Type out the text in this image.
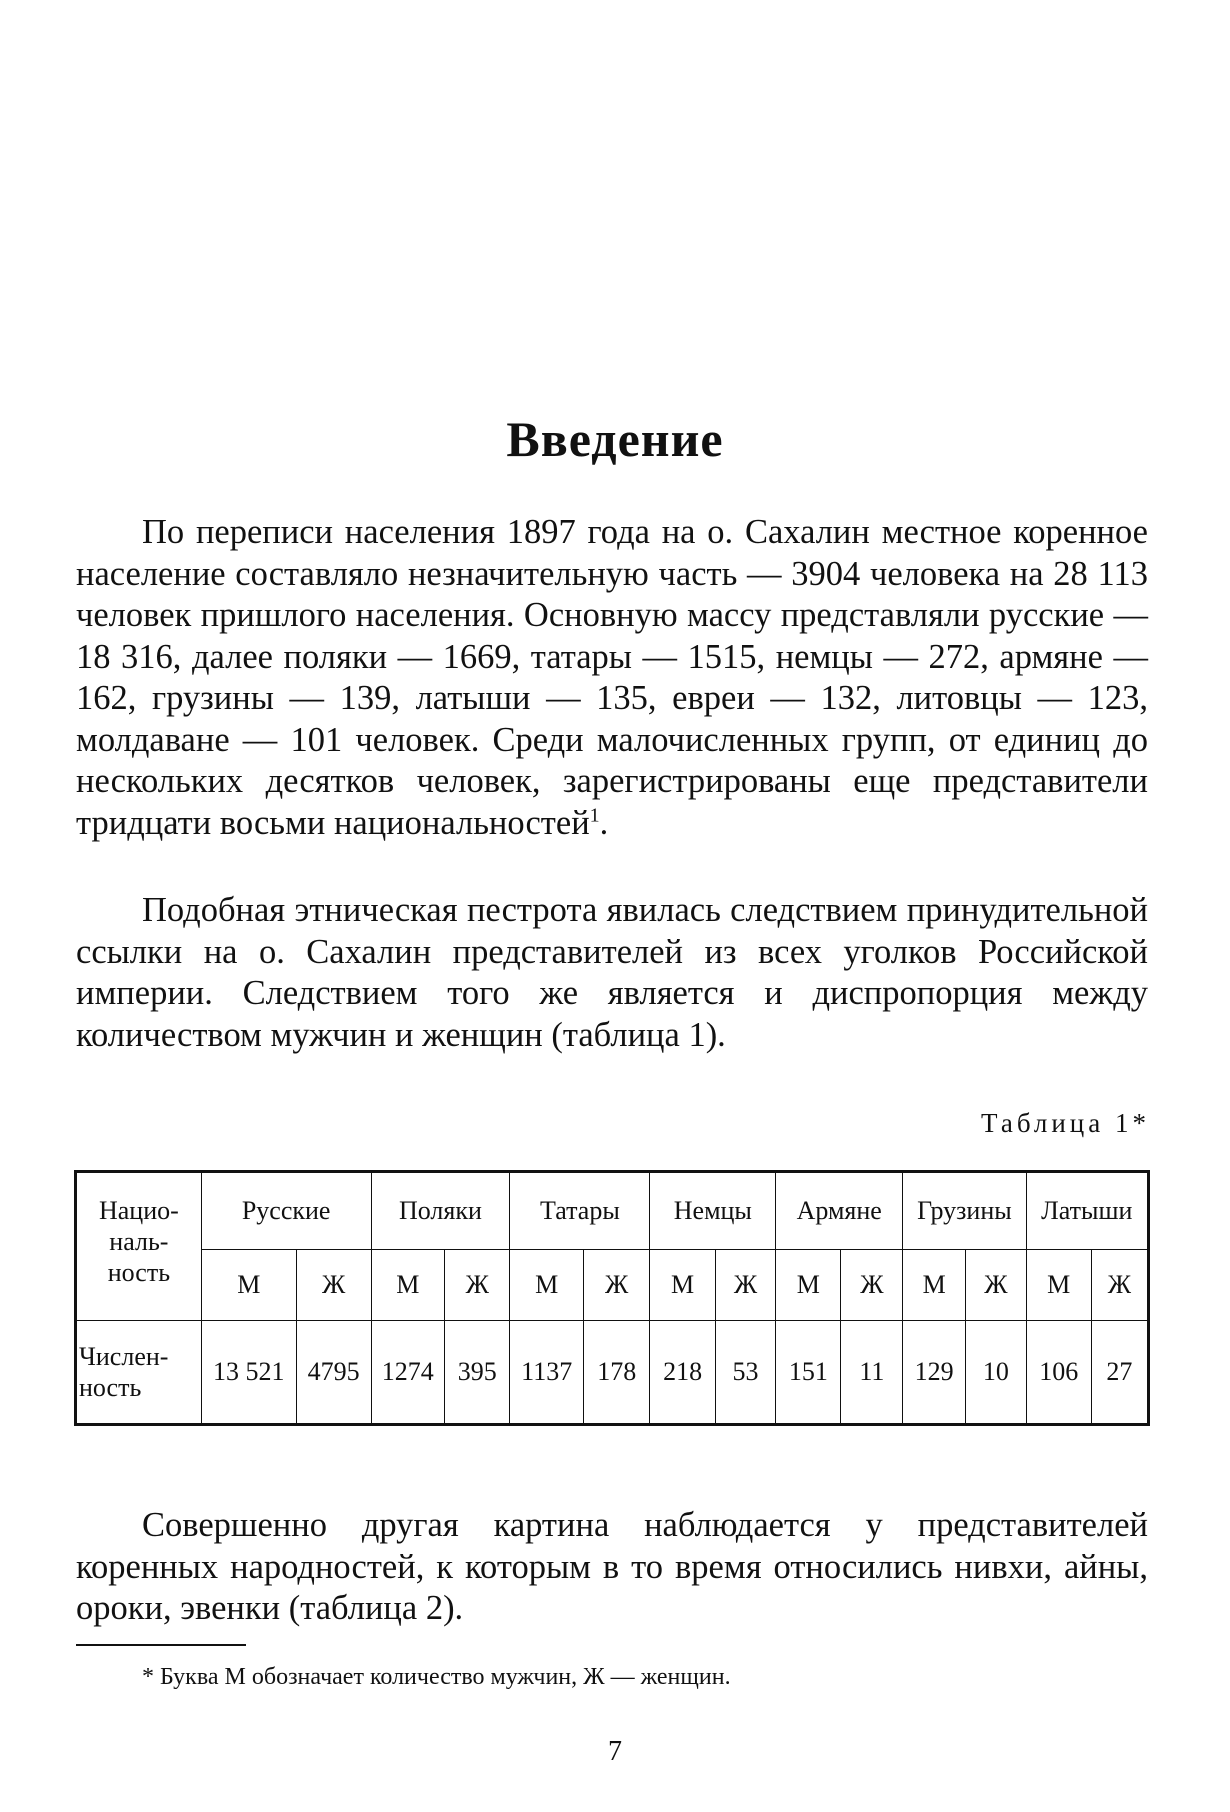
Введение

По переписи населения 1897 года на о. Сахалин местное коренное население составляло незначительную часть — 3904 человека на 28 113 человек пришлого населения. Основную массу представляли русские — 18 316, далее поляки — 1669, татары — 1515, немцы — 272, армяне — 162, грузины — 139, латыши — 135, евреи — 132, литовцы — 123, молдаване — 101 человек. Среди малочисленных групп, от единиц до нескольких десятков человек, зарегистрированы еще представители тридцати восьми национальностей$^1$.

Подобная этническая пестрота явилась следствием принудительной ссылки на о. Сахалин представителей из всех уголков Российской империи. Следствием того же является и диспропорция между количеством мужчин и женщин (таблица 1).

Таблица 1*

Нацио-
наль-
ность	Русские		Поляки		Татары		Немцы		Армяне		Грузины		Латыши	
	М	Ж	М	Ж	М	Ж	М	Ж	М	Ж	М	Ж	М	Ж
Числен-
ность	13 521	4795	1274	395	1137	178	218	53	151	11	129	10	106	27

Совершенно другая картина наблюдается у представителей коренных народностей, к которым в то время относились нивхи, айны, ороки, эвенки (таблица 2).

* Буква М обозначает количество мужчин, Ж — женщин.

7
